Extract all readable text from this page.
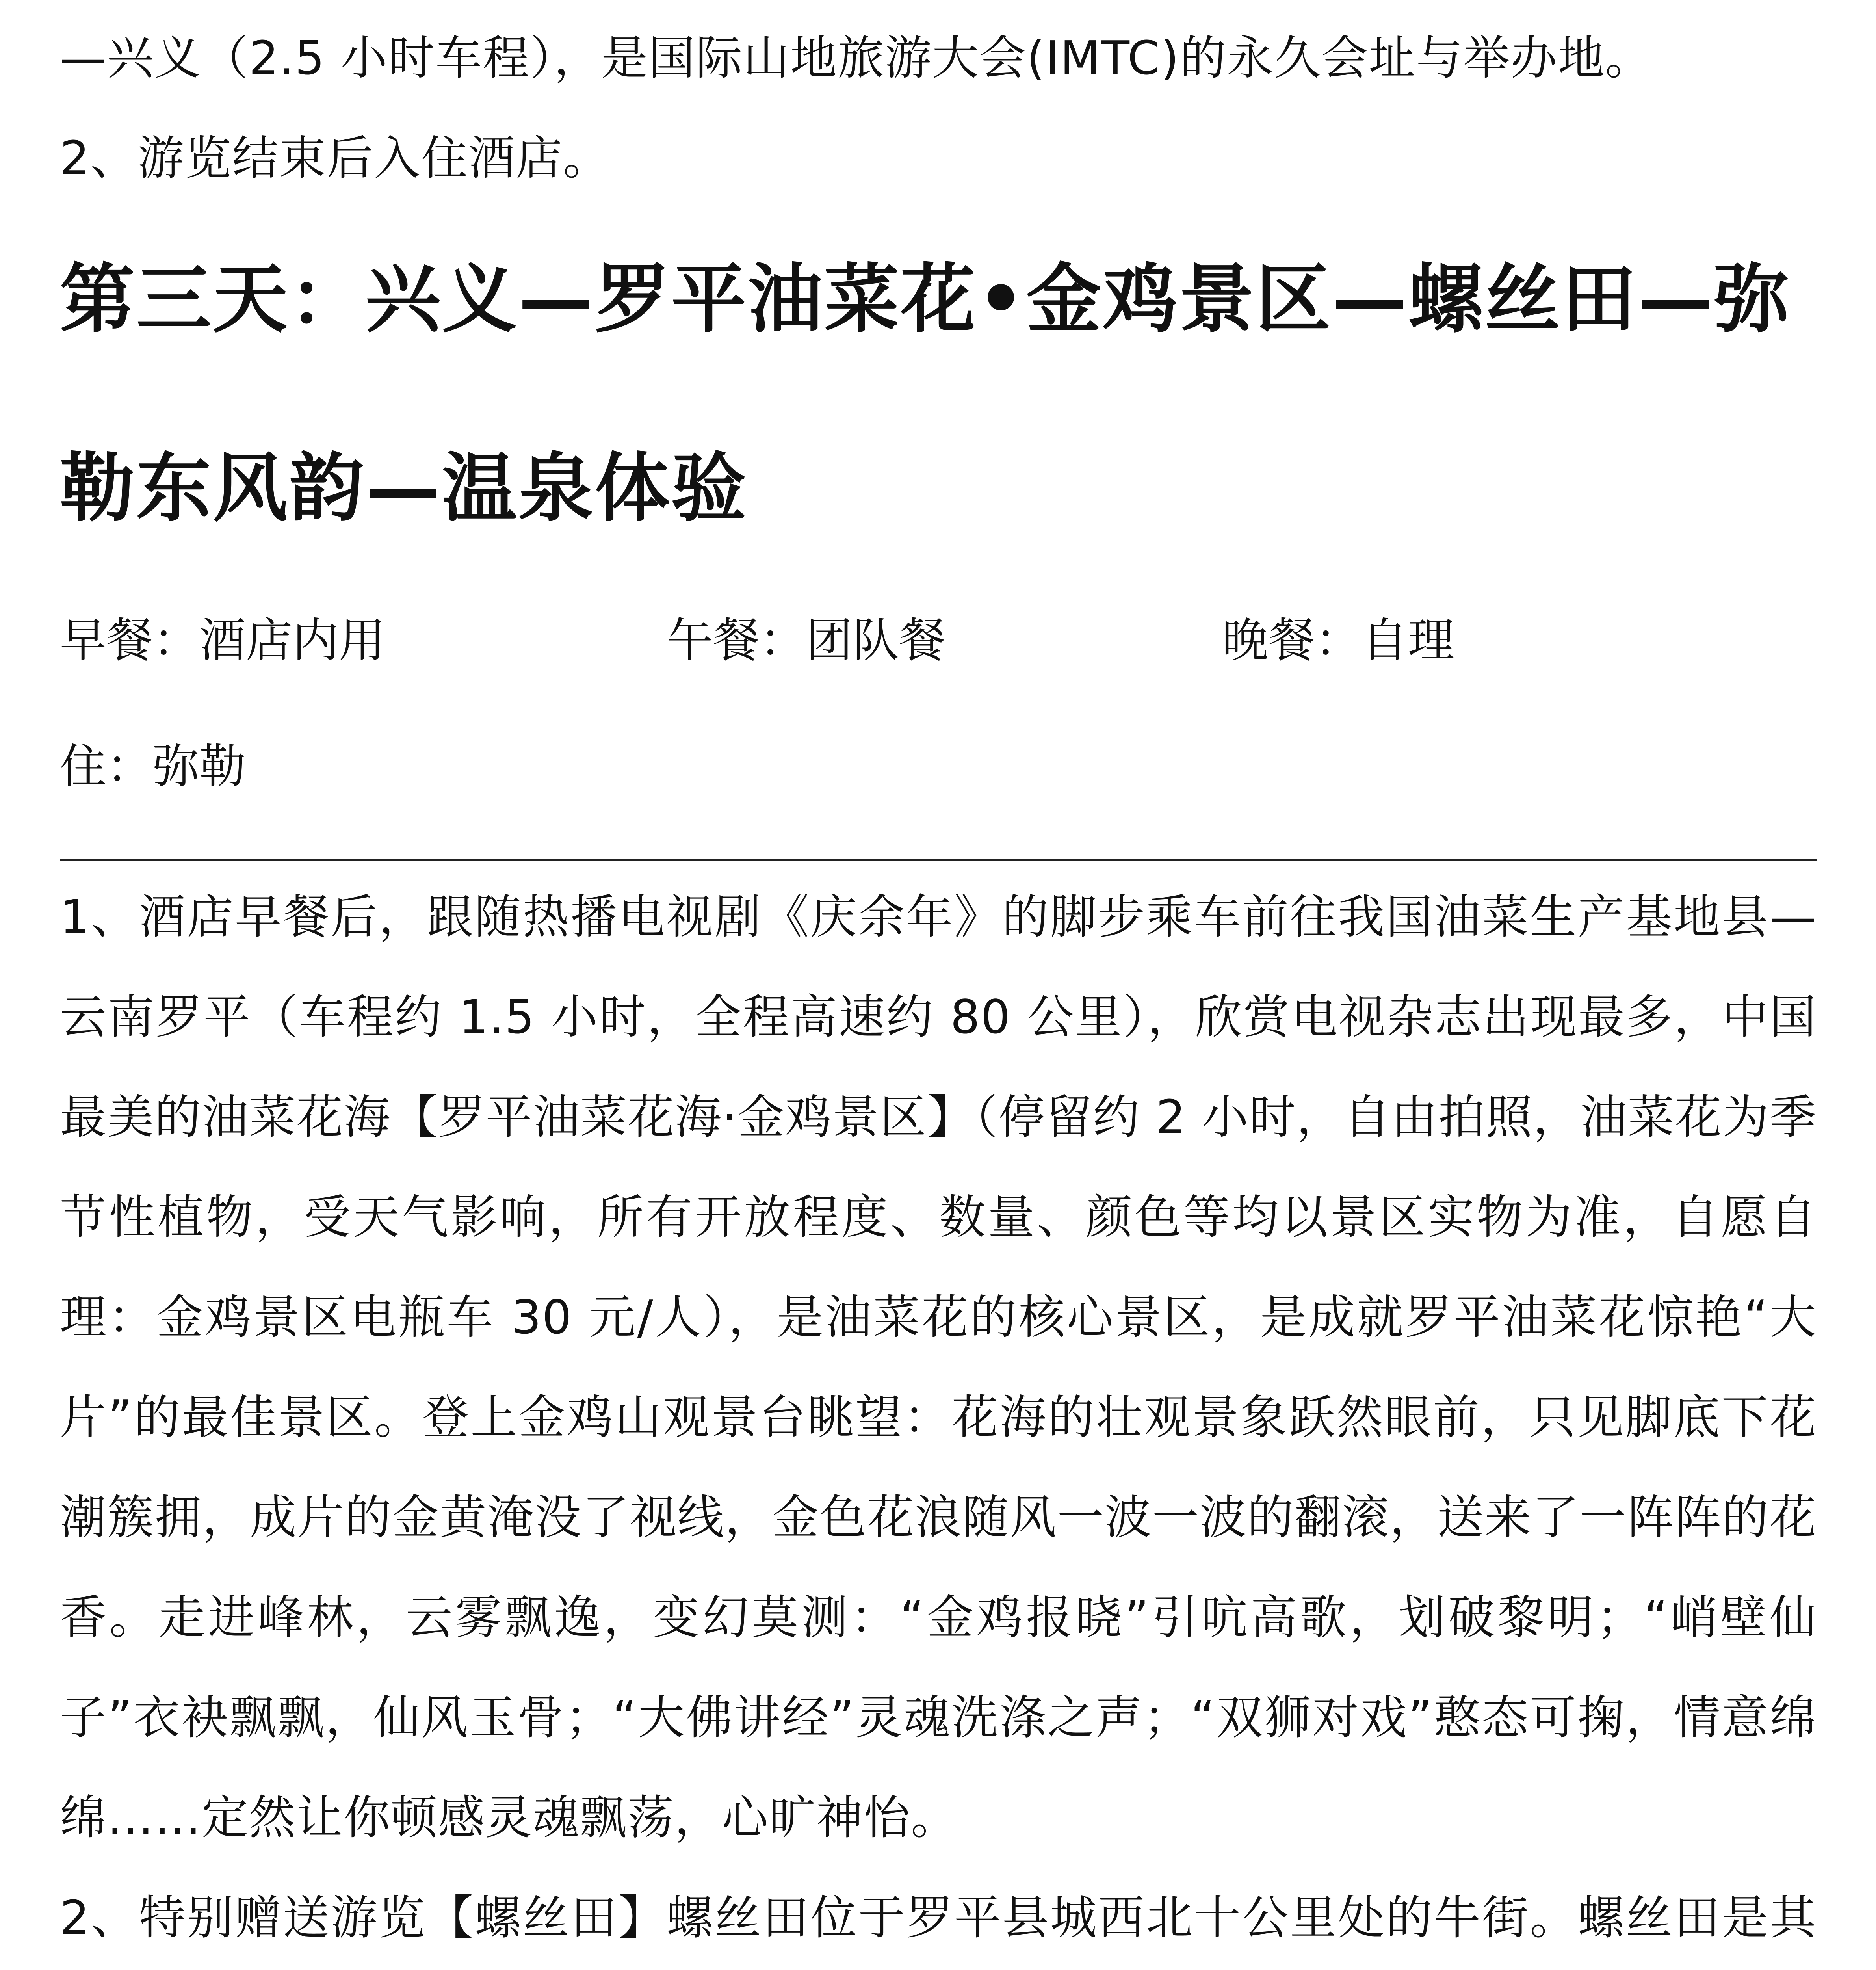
—兴义（2.5 小时车程），是国际山地旅游大会(IMTC)的永久会址与举办地。

2、游览结束后入住酒店。

第三天：兴义—罗平油菜花•金鸡景区—螺丝田—弥勒东风韵—温泉体验
早餐：酒店内用	午餐：团队餐	晚餐：自理
住：弥勒

1、酒店早餐后，跟随热播电视剧《庆余年》的脚步乘车前往我国油菜生产基地县—云南罗平（车程约 1.5 小时，全程高速约 80 公里），欣赏电视杂志出现最多，中国最美的油菜花海【罗平油菜花海·金鸡景区】（停留约 2 小时，自由拍照，油菜花为季节性植物，受天气影响，所有开放程度、数量、颜色等均以景区实物为准，自愿自理：金鸡景区电瓶车 30 元/人），是油菜花的核心景区，是成就罗平油菜花惊艳“大片”的最佳景区。登上金鸡山观景台眺望：花海的壮观景象跃然眼前，只见脚底下花潮簇拥，成片的金黄淹没了视线，金色花浪随风一波一波的翻滚，送来了一阵阵的花香。走进峰林，云雾飘逸，变幻莫测：“金鸡报晓”引吭高歌，划破黎明；“峭壁仙子”衣袂飘飘，仙风玉骨；“大佛讲经”灵魂洗涤之声；“双狮对戏”憨态可掬，情意绵绵……定然让你顿感灵魂飘荡，心旷神怡。

2、特别赠送游览【螺丝田】螺丝田位于罗平县城西北十公里处的牛街。螺丝田是其
